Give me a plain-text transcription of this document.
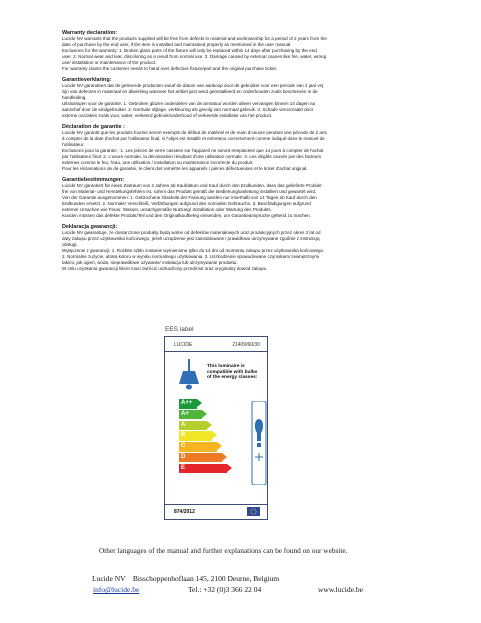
Warranty declaration:

Lucide NV warrants that the products supplied will be free from defects in material and workmanship for a period of 2 years from the

date of purchase by the end user, if the item is installed and maintained properly as mentioned in the user manual.

Exclusions for the warranty: 1. Broken glass parts of the fixture will only be replaced within 14 days after purchasing by the end

user. 2. Normal wear and tear, discoloring as a result from normal use. 3. Damage caused by external causes like fire, water, wrong

use/ installation or maintenance of the product.

For warranty claims the customer needs to hand over defective fixture/part and the original purchase ticket.

Garantieverklaring:

Lucide NV garandeert dat de geleverde producten vanaf de datum van aankoop door de gebruiker voor een periode van 2 jaar vrij

zijn van defecten in materiaal en afwerking wanneer het artikel juist werd geïnstalleerd en onderhouden zoals beschreven in de

handleiding.

Uitsluitingen voor de garantie: 1. Gebroken glazen onderdelen van de armatuur worden alleen vervangen binnen 14 dagen na

aanschaf door de eindgebruiker. 2. Normale slijtage, verkleuring als gevolg van normaal gebruik. 3. Schade veroorzaakt door

externe oorzaken zoals vuur, water, verkeerd gebruik/onderhoud of verkeerde installatie van het product.

Déclaration de garantie :

Lucide NV garantit que les produits fournis seront exempts de défaut de matériel et de main d'oeuvre pendant une période de 2 ans

à compter de la date d'achat par l'utilisateur final, si l'objet est installé et entretenu correctement comme indiqué dans le manuel de

l'utilisateur.

Exclusions pour la garantie : 1. Les pièces de verre cassées sur l'appareil ne seront remplacées que 14 jours à compter de l'achat

par l'utilisateur final. 2. L'usure normale, la décoloration résultant d'une utilisation normale. 3. Les dégâts causés par des facteurs

externes comme le feu, l'eau, une utilisation / installation ou maintenance incorrecte du produit.

Pour les réclamations de de garantie, le client doit remettre les appareils / pièces défectueuses et le ticket d'achat original.

Garantiebestimmungen:

Lucide NV garantiert für einen Zeitraum von 2 Jahren ab Kaufdatum und Kauf durch den Endkunden, dass das gelieferte Produkt

frei von Material- und Herstellungsfehlern ist, sofern das Produkt gemäß der Bedienungsanleitung installiert und gewartet wird.

Von der Garantie ausgenommen: 1. Gebrochene Glasteile der Fassung werden nur innerhalb von 14 Tagen ab Kauf durch den

Endkunden ersetzt. 2. Normaler Verschleiß, Verfärbungen aufgrund des normalen Gebrauchs. 3. Beschädigungen aufgrund

externer Ursachen wie Feuer, Wasser, unsachgemäße Nutzung/ Installation oder Wartung des Produkts.

Kunden müssen das defekte Produkt/Teil und den Originalkaufbeleg einsenden, um Garantieansprüche geltend zu machen.

Deklaracja gwarancji:

Lucide NV gwarantuje, że dostarczone produkty będą wolne od defektów materiałowych oraz produkcyjnych przez okres 2 lat od

daty zakupu przez użytkownika końcowego, jeżeli urządzenie jest zainstalowane i prawidłowo utrzymywane zgodnie z instrukcją

obsługi.

Wyłączenie z gwarancji: 1. Rozbite szkło zostanie wymienione tylko do 14 dni od momentu zakupu przez użytkownika końcowego.

2. Normalne zużycie, utrata koloru w wyniku normalnego użytkowania. 3. Uszkodzenie spowodowane czynnikami zewnętrznymi

takimi, jak ogień, woda, nieprawidłowe używanie/ instalacja lub utrzymywanie produktu.

W celu uzyskania gwarancji klient musi zwrócić uszkodzony przedmiot oraz oryginalny dowód zakupu.

EES label
LUCIDE	21409/60/30
This luminaire is compatible with bulbs of the energy classes:
A++
A+
A
B
C
D
E
874/2012
Other languages of the manual and further explanations can be found on our website.
Lucide NV Bisschoppenhoflaan 145, 2100 Deurne, Belgium
info@lucide.be	Tel.: +32 (0)3 366 22 04	www.lucide.be
